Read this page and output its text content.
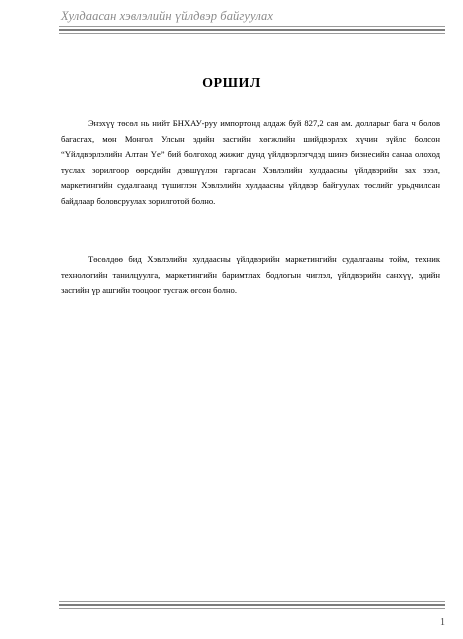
Хулдаасан хэвлэлийн үйлдвэр байгуулах
ОРШИЛ

Энэхүү төсөл нь нийт БНХАУ-руу импортонд алдаж буй 827,2 сая ам. долларыг бага ч болов багасгах, мөн Монгол Улсын эдийн засгийн хөгжлийн шийдвэрлэх хүчин зүйлс болсон “Үйлдвэрлэлийн Алтан Үе” бий болгоход жижиг дунд үйлдвэрлэгчдэд шинэ бизнесийн санаа олоход туслах зорилгоор өөрсдийн дэвшүүлэн гаргасан Хэвлэлийн хулдаасны үйлдвэрийн зах зээл, маркетингийн судалгаанд түшиглэн Хэвлэлийн хулдаасны үйлдвэр байгуулах төслийг урьдчилсан байдлаар боловсруулах зорилготой болно.

Төсөлдөө бид Хэвлэлийн хулдаасны үйлдвэрийн маркетингийн судалгааны тойм, техник технологийн танилцуулга, маркетингийн баримтлах бодлогын чиглэл, үйлдвэрийн санхүү, эдийн засгийн үр ашгийн тооцоог тусгаж өгсөн болно.

1
